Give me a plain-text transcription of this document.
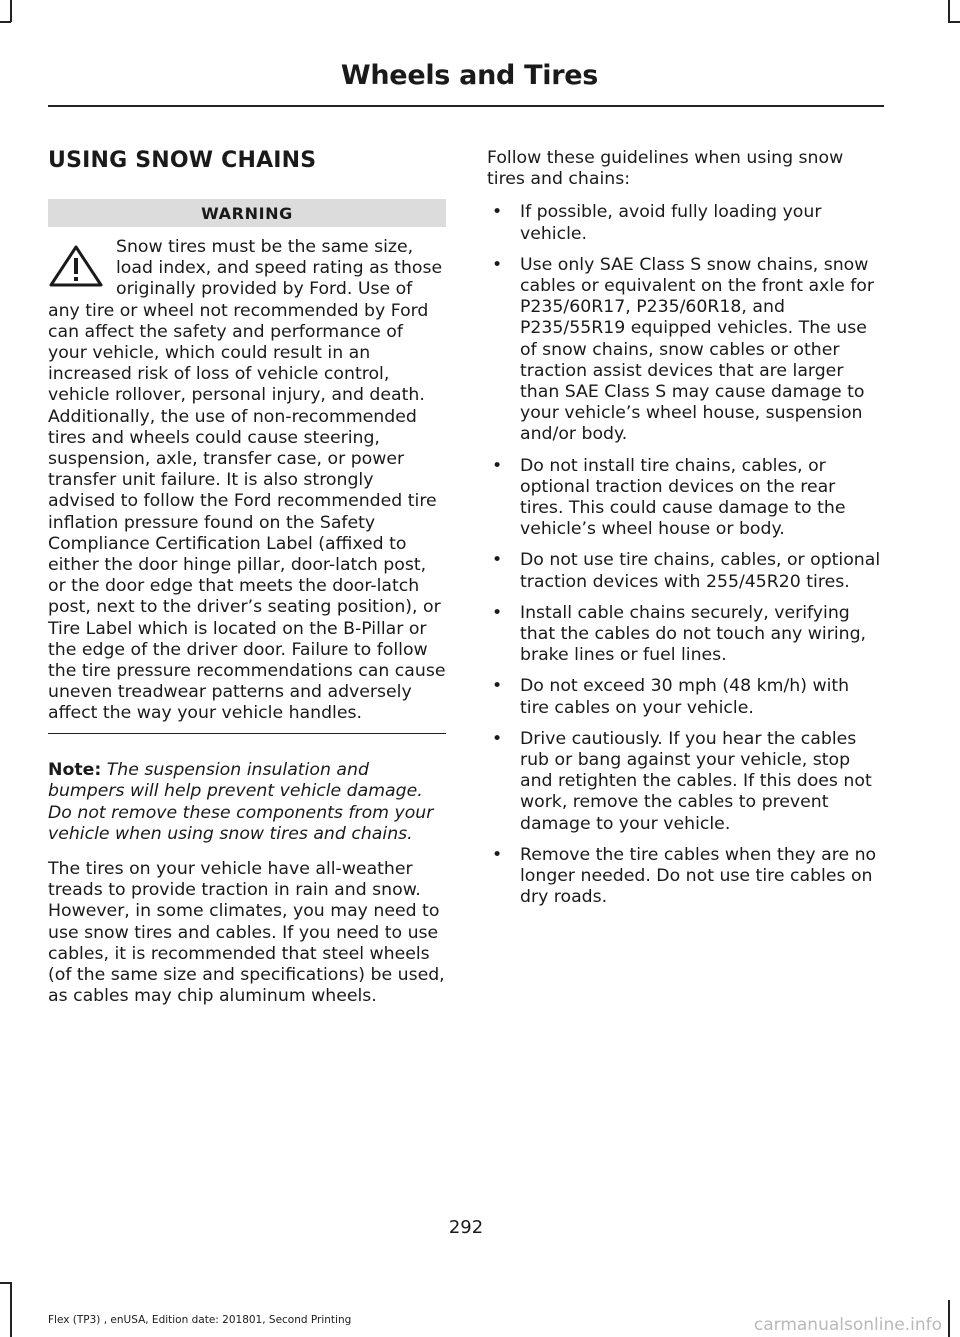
Wheels and Tires
USING SNOW CHAINS
WARNING
Snow tires must be the same size, load index, and speed rating as those originally provided by Ford. Use of any tire or wheel not recommended by Ford can affect the safety and performance of your vehicle, which could result in an increased risk of loss of vehicle control, vehicle rollover, personal injury, and death. Additionally, the use of non-recommended tires and wheels could cause steering, suspension, axle, transfer case, or power transfer unit failure. It is also strongly advised to follow the Ford recommended tire inflation pressure found on the Safety Compliance Certification Label (affixed to either the door hinge pillar, door-latch post, or the door edge that meets the door-latch post, next to the driver’s seating position), or Tire Label which is located on the B-Pillar or the edge of the driver door. Failure to follow the tire pressure recommendations can cause uneven treadwear patterns and adversely affect the way your vehicle handles.
Note: The suspension insulation and bumpers will help prevent vehicle damage. Do not remove these components from your vehicle when using snow tires and chains.

The tires on your vehicle have all-weather treads to provide traction in rain and snow. However, in some climates, you may need to use snow tires and cables. If you need to use cables, it is recommended that steel wheels (of the same size and specifications) be used, as cables may chip aluminum wheels.

Follow these guidelines when using snow tires and chains:

• If possible, avoid fully loading your vehicle.
• Use only SAE Class S snow chains, snow cables or equivalent on the front axle for P235/60R17, P235/60R18, and P235/55R19 equipped vehicles. The use of snow chains, snow cables or other traction assist devices that are larger than SAE Class S may cause damage to your vehicle’s wheel house, suspension and/or body.
• Do not install tire chains, cables, or optional traction devices on the rear tires. This could cause damage to the vehicle’s wheel house or body.
• Do not use tire chains, cables, or optional traction devices with 255/45R20 tires.
• Install cable chains securely, verifying that the cables do not touch any wiring, brake lines or fuel lines.
• Do not exceed 30 mph (48 km/h) with tire cables on your vehicle.
• Drive cautiously. If you hear the cables rub or bang against your vehicle, stop and retighten the cables. If this does not work, remove the cables to prevent damage to your vehicle.
• Remove the tire cables when they are no longer needed. Do not use tire cables on dry roads.
292
Flex (TP3) , enUSA, Edition date: 201801, Second Printing	carmanualsonline.info
